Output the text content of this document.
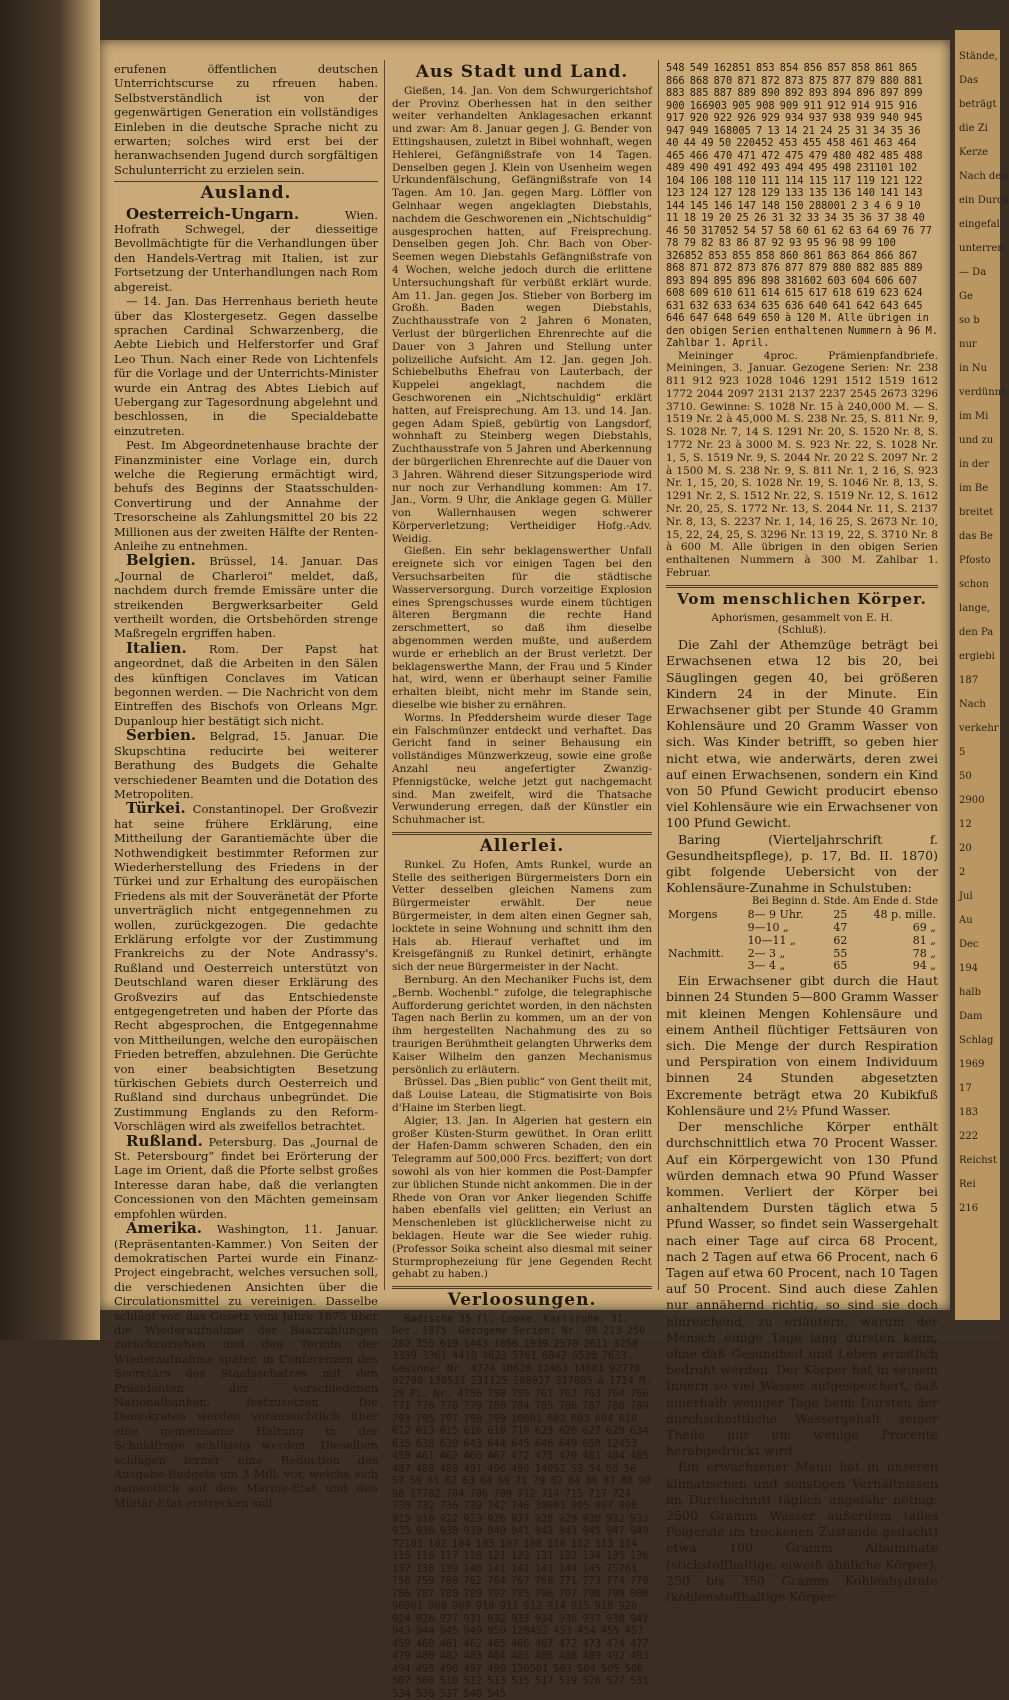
erufenen öffentlichen deutschen Unterrichtscurse zu rfreuen haben. Selbstverständlich ist von der gegenwärtigen Generation ein vollständiges Einleben in die deutsche Sprache nicht zu erwarten; solches wird erst bei der heranwachsenden Jugend durch sorgfältigen Schulunterricht zu erzielen sein.

Ausland.

Oesterreich-Ungarn.	Wien. Hofrath Schwegel, der diesseitige Bevollmächtigte für die Verhandlungen über den Handels-Vertrag mit Italien, ist zur Fortsetzung der Unterhandlungen nach Rom abgereist.

— 14. Jan. Das Herrenhaus berieth heute über das Klostergesetz. Gegen dasselbe sprachen Cardinal Schwarzenberg, die Aebte Liebich und Helferstorfer und Graf Leo Thun. Nach einer Rede von Lichtenfels für die Vorlage und der Unterrichts-Minister wurde ein Antrag des Abtes Liebich auf Uebergang zur Tagesordnung abgelehnt und beschlossen, in die Specialdebatte einzutreten.

Pest. Im Abgeordnetenhause brachte der Finanzminister eine Vorlage ein, durch welche die Regierung ermächtigt wird, behufs des Beginns der Staatsschulden-Convertirung und der Annahme der Tresorscheine als Zahlungsmittel 20 bis 22 Millionen aus der zweiten Hälfte der Renten-Anleihe zu entnehmen.

Belgien. Brüssel, 14. Januar. Das „Journal de Charleroi“ meldet, daß, nachdem durch fremde Emissäre unter die streikenden Bergwerksarbeiter Geld vertheilt worden, die Ortsbehörden strenge Maßregeln ergriffen haben.

Italien. Rom. Der Papst hat angeordnet, daß die Arbeiten in den Sälen des künftigen Conclaves im Vatican begonnen werden. — Die Nachricht von dem Eintreffen des Bischofs von Orleans Mgr. Dupanloup hier bestätigt sich nicht.

Serbien. Belgrad, 15. Januar. Die Skupschtina reducirte bei weiterer Berathung des Budgets die Gehalte verschiedener Beamten und die Dotation des Metropoliten.

Türkei. Constantinopel. Der Großvezir hat seine frühere Erklärung, eine Mittheilung der Garantiemächte über die Nothwendigkeit bestimmter Reformen zur Wiederherstellung des Friedens in der Türkei und zur Erhaltung des europäischen Friedens als mit der Souveränetät der Pforte unverträglich nicht entgegennehmen zu wollen, zurückgezogen. Die gedachte Erklärung erfolgte vor der Zustimmung Frankreichs zu der Note Andrassy's. Rußland und Oesterreich unterstützt von Deutschland waren dieser Erklärung des Großvezirs auf das Entschiedenste entgegengetreten und haben der Pforte das Recht abgesprochen, die Entgegennahme von Mittheilungen, welche den europäischen Frieden betreffen, abzulehnen. Die Gerüchte von einer beabsichtigten Besetzung türkischen Gebiets durch Oesterreich und Rußland sind durchaus unbegründet. Die Zustimmung Englands zu den Reform-Vorschlägen wird als zweifellos betrachtet.

Rußland. Petersburg. Das „Journal de St. Petersbourg“ findet bei Erörterung der Lage im Orient, daß die Pforte selbst großes Interesse daran habe, daß die verlangten Concessionen von den Mächten gemeinsam empfohlen würden.

Amerika. Washington, 11. Januar. (Repräsentanten-Kammer.) Von Seiten der demokratischen Partei wurde ein Finanz-Project eingebracht, welches versuchen soll, die verschiedenen Ansichten über die Circulationsmittel zu vereinigen. Dasselbe schlägt vor, das Gesetz vom Jahre 1875 über die Wiederaufnahme der Baarzahlungen zurückzuziehen und den Termin der Wiederaufnahme später, in Conferenzen des Secretärs des Staatsschatzes mit den Präsidenten der verschiedenen Nationalbanken, festzusetzen. Die Demokraten werden voraussichtlich über eine gemeinsame Haltung in der Schuldfrage schlüssig werden. Dieselben schlagen ferner eine Reduction des Ausgabe-Budgets um 3 Mill. vor, welche sich namentlich auf den Marine-Etat und den Militär-Etat erstrecken soll.

Aus Stadt und Land.

Gießen, 14. Jan. Von dem Schwurgerichtshof der Provinz Oberhessen hat in den seither weiter verhandelten Anklagesachen erkannt und zwar: Am 8. Januar gegen J. G. Bender von Ettingshausen, zuletzt in Bibel wohnhaft, wegen Hehlerei, Gefängnißstrafe von 14 Tagen. Denselben gegen J. Klein von Usenheim wegen Urkundenfälschung, Gefängnißstrafe von 14 Tagen. Am 10. Jan. gegen Marg. Löffler von Gelnhaar wegen angeklagten Diebstahls, nachdem die Geschworenen ein „Nichtschuldig“ ausgesprochen hatten, auf Freisprechung. Denselben gegen Joh. Chr. Bach von Ober-Seemen wegen Diebstahls Gefängnißstrafe von 4 Wochen, welche jedoch durch die erlittene Untersuchungshaft für verbüßt erklärt wurde. Am 11. Jan. gegen Jos. Stieber von Borberg im Großh. Baden wegen Diebstahls, Zuchthausstrafe von 2 Jahren 6 Monaten, Verlust der bürgerlichen Ehrenrechte auf die Dauer von 3 Jahren und Stellung unter polizeiliche Aufsicht. Am 12. Jan. gegen Joh. Schiebelbuths Ehefrau von Lauterbach, der Kuppelei angeklagt, nachdem die Geschworenen ein „Nichtschuldig“ erklärt hatten, auf Freisprechung. Am 13. und 14. Jan. gegen Adam Spieß, gebürtig von Langsdorf, wohnhaft zu Steinberg wegen Diebstahls, Zuchthausstrafe von 5 Jahren und Aberkennung der bürgerlichen Ehrenrechte auf die Dauer von 3 Jahren. Während dieser Sitzungsperiode wird nur noch zur Verhandlung kommen: Am 17. Jan., Vorm. 9 Uhr, die Anklage gegen G. Müller von Wallernhausen wegen schwerer Körperverletzung; Vertheidiger Hofg.-Adv. Weidig.

Gießen. Ein sehr beklagenswerther Unfall ereignete sich vor einigen Tagen bei den Versuchsarbeiten für die städtische Wasserversorgung. Durch vorzeitige Explosion eines Sprengschusses wurde einem tüchtigen älteren Bergmann die rechte Hand zerschmettert, so daß ihm dieselbe abgenommen werden mußte, und außerdem wurde er erheblich an der Brust verletzt. Der beklagenswerthe Mann, der Frau und 5 Kinder hat, wird, wenn er überhaupt seiner Familie erhalten bleibt, nicht mehr im Stande sein, dieselbe wie bisher zu ernähren.

Worms. In Pfeddersheim wurde dieser Tage ein Falschmünzer entdeckt und verhaftet. Das Gericht fand in seiner Behausung ein vollständiges Münzwerkzeug, sowie eine große Anzahl neu angefertigter Zwanzig-Pfennigstücke, welche jetzt gut nachgemacht sind. Man zweifelt, wird die Thatsache Verwunderung erregen, daß der Künstler ein Schuhmacher ist.

Allerlei.

Runkel. Zu Hofen, Amts Runkel, wurde an Stelle des seitherigen Bürgermeisters Dorn ein Vetter desselben gleichen Namens zum Bürgermeister erwählt. Der neue Bürgermeister, in dem alten einen Gegner sah, locktete in seine Wohnung und schnitt ihm den Hals ab. Hierauf verhaftet und im Kreisgefängniß zu Runkel detinirt, erhängte sich der neue Bürgermeister in der Nacht.

Bernburg. An den Mechaniker Fuchs ist, dem „Bernb. Wochenbl.“ zufolge, die telegraphische Aufforderung gerichtet worden, in den nächsten Tagen nach Berlin zu kommen, um an der von ihm hergestellten Nachahmung des zu so traurigen Berühmtheit gelangten Uhrwerks dem Kaiser Wilhelm den ganzen Mechanismus persönlich zu erläutern.

Brüssel. Das „Bien public“ von Gent theilt mit, daß Louise Lateau, die Stigmatisirte von Bois d'Haine im Sterben liegt.

Algier, 13. Jan. In Algerien hat gestern ein großer Küsten-Sturm gewüthet. In Oran erlitt der Hafen-Damm schweren Schaden, den ein Telegramm auf 500,000 Frcs. beziffert; von dort sowohl als von hier kommen die Post-Dampfer zur üblichen Stunde nicht ankommen. Die in der Rhede von Oran vor Anker liegenden Schiffe haben ebenfalls viel gelitten; ein Verlust an Menschenleben ist glücklicherweise nicht zu beklagen. Heute war die See wieder ruhig. (Professor Soika scheint also diesmal mit seiner Sturmprophezeiung für jene Gegenden Recht gehabt zu haben.)

Verloosungen.

Badische 35 fl.-Loose. Karlsruhe, 31. Dec. 1875. Gezogene Serien: Nr. 96 213 250 282 355 619 1443 1856 1939 2570 2611 3258 3339 3361 4410 4623 5761 6842 6538 7633. Gewinne: Nr. 4774 10628 12463 14081 92778 92790 130533 231125 288027 317085 à 1714 M. 29 Pi. Nr. 4756 758 759 761 762 763 764 766 771 776 778 779 780 784 785 786 787 788 789 793 795 797 798 799 10601 602 603 604 610 612 613 615 616 618 719 623 626 627 629 634 635 638 639 643 644 645 646 649 650 12453 459 461 462 466 467 472 475 479 481 484 485 487 488 489 491 496 499 14052 53 54 55 56 57 59 61 62 63 64 69 71 79 82 84 86 87 88 90 98 17702 704 706 709 712 714 715 717 724 730 732 736 739 742 746 30901 905 907 908 915 916 922 923 926 927 928 929 930 932 933 935 936 938 939 940 941 942 943 945 947 949 72101 102 104 105 107 108 110 112 113 114 115 116 117 118 121 122 131 132 134 135 136 137 138 139 140 141 142 143 144 145 75761 756 759 760 762 764 767 768 771 773 774 779 786 787 788 789 792 795 796 797 798 799 800 96901 908 909 910 911 912 914 915 918 920 924 926 927 931 932 933 934 936 937 938 942 943 944 945 949 950 128452 453 454 455 457 459 460 461 462 465 466 467 472 473 474 477 479 480 482 483 484 485 486 488 489 492 493 494 495 496 497 499 130501 503 504 505 506 507 508 510 512 513 515 517 519 526 527 531 534 536 537 540 545

548 549 162851 853 854 856 857 858 861 865 866 868 870 871 872 873 875 877 879 880 881 883 885 887 889 890 892 893 894 896 897 899 900 166903 905 908 909 911 912 914 915 916 917 920 922 926 929 934 937 938 939 940 945 947 949 168005 7 13 14 21 24 25 31 34 35 36 40 44 49 50 220452 453 455 458 461 463 464 465 466 470 471 472 475 479 480 482 485 488 489 490 491 492 493 494 495 498 231101 102 104 106 108 110 111 114 115 117 119 121 122 123 124 127 128 129 133 135 136 140 141 143 144 145 146 147 148 150 288001 2 3 4 6 9 10 11 18 19 20 25 26 31 32 33 34 35 36 37 38 40 46 50 317052 54 57 58 60 61 62 63 64 69 76 77 78 79 82 83 86 87 92 93 95 96 98 99 100 326852 853 855 858 860 861 863 864 866 867 868 871 872 873 876 877 879 880 882 885 889 893 894 895 896 898 381602 603 604 606 607 608 609 610 611 614 615 617 618 619 623 624 631 632 633 634 635 636 640 641 642 643 645 646 647 648 649 650 à 120 M. Alle übrigen in den obigen Serien enthaltenen Nummern à 96 M. Zahlbar 1. April.

Meininger 4proc. Prämienpfandbriefe. Meiningen, 3. Januar. Gezogene Serien: Nr. 238 811 912 923 1028 1046 1291 1512 1519 1612 1772 2044 2097 2131 2137 2237 2545 2673 3296 3710. Gewinne: S. 1028 Nr. 15 à 240,000 M. — S. 1519 Nr. 2 à 45,000 M. S. 238 Nr. 25, S. 811 Nr. 9, S. 1028 Nr. 7, 14 S. 1291 Nr. 20, S. 1520 Nr. 8, S. 1772 Nr. 23 à 3000 M. S. 923 Nr. 22, S. 1028 Nr. 1, 5, S. 1519 Nr. 9, S. 2044 Nr. 20 22 S. 2097 Nr. 2 à 1500 M. S. 238 Nr. 9, S. 811 Nr. 1, 2 16, S. 923 Nr. 1, 15, 20, S. 1028 Nr. 19, S. 1046 Nr. 8, 13, S. 1291 Nr. 2, S. 1512 Nr. 22, S. 1519 Nr. 12, S. 1612 Nr. 20, 25, S. 1772 Nr. 13, S. 2044 Nr. 11, S. 2137 Nr. 8, 13, S. 2237 Nr. 1, 14, 16 25, S. 2673 Nr. 10, 15, 22, 24, 25, S. 3296 Nr. 13 19, 22, S. 3710 Nr. 8 à 600 M. Alle übrigen in den obigen Serien enthaltenen Nummern à 300 M. Zahlbar 1. Februar.

Vom menschlichen Körper.
Aphorismen, gesammelt von E. H.
(Schluß).

Die Zahl der Athemzüge beträgt bei Erwachsenen etwa 12 bis 20, bei Säuglingen gegen 40, bei größeren Kindern 24 in der Minute. Ein Erwachsener gibt per Stunde 40 Gramm Kohlensäure und 20 Gramm Wasser von sich. Was Kinder betrifft, so geben hier nicht etwa, wie anderwärts, deren zwei auf einen Erwachsenen, sondern ein Kind von 50 Pfund Gewicht producirt ebenso viel Kohlensäure wie ein Erwachsener von 100 Pfund Gewicht.

Baring (Vierteljahrschrift f. Gesundheitspflege), p. 17, Bd. II. 1870) gibt folgende Uebersicht von der Kohlensäure-Zunahme in Schulstuben:

Bei Beginn d. Stde. Am Ende d. Stde
Morgens	8— 9 Uhr.	25	48 p. mille.
	9—10 „	47	69 „
	10—11 „	62	81 „
Nachmitt.	2— 3 „	55	78 „
	3— 4 „	65	94 „

Ein Erwachsener gibt durch die Haut binnen 24 Stunden 5—800 Gramm Wasser mit kleinen Mengen Kohlensäure und einem Antheil flüchtiger Fettsäuren von sich. Die Menge der durch Respiration und Perspiration von einem Individuum binnen 24 Stunden abgesetzten Excremente beträgt etwa 20 Kubikfuß Kohlensäure und 2½ Pfund Wasser.

Der menschliche Körper enthält durchschnittlich etwa 70 Procent Wasser. Auf ein Körpergewicht von 130 Pfund würden demnach etwa 90 Pfund Wasser kommen. Verliert der Körper bei anhaltendem Dursten täglich etwa 5 Pfund Wasser, so findet sein Wassergehalt nach einer Tage auf circa 68 Procent, nach 2 Tagen auf etwa 66 Procent, nach 6 Tagen auf etwa 60 Procent, nach 10 Tagen auf 50 Procent. Sind auch diese Zahlen nur annähernd richtig, so sind sie doch hinreichend, zu erläutern, warum der Mensch einige Tage lang dursten kann, ohne daß Gesundheit und Leben ernstlich bedroht werden. Der Körper hat in seinem Innern so viel Wasser aufgespeichert, daß innerhalb weniger Tage beim Dursten der durchschnittliche Wassergehalt seiner Theile nur um wenige Procente herabgedrückt wird.

Ein erwachsener Mann hat in unseren klimatischen und sonstigen Verhältnissen im Durchschnitt täglich ungefähr nöthig: 2500 Gramm Wasser außerdem (alles Folgende im trockenen Zustande gedacht) etwa 100 Gramm Albuminate (stickstoffhaltige, eiweiß ähnliche Körper), 250 bis 350 Gramm Kohlenhydrate (kohlenstoffhaltige Körper:

Stände,
Das
beträgt
die Zi
Kerze
Nach den
ein Durch
eingefal
unterren
— Da
Ge
so b
nur
in Nu
verdünnt
im Mi
und zu
in der
im Be
breitet
das Be
Pfosto
schon
lange,
den Pa
ergiebi
187
Nach
verkehr
5
50
2900
12
20
2
Jul
Au
Dec
194
halb
Dam
Schlag
1969
17
183
222
Reichst
Rei
216
